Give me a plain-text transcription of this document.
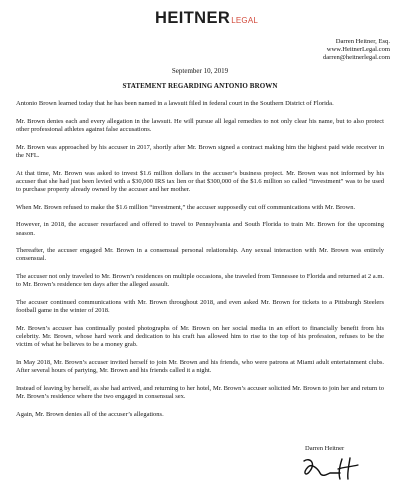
HEITNERLEGAL
Darren Heitner, Esq.
www.HeitnerLegal.com
darren@heitnerlegal.com
September 10, 2019
STATEMENT REGARDING ANTONIO BROWN

Antonio Brown learned today that he has been named in a lawsuit filed in federal court in the Southern District of Florida.

Mr. Brown denies each and every allegation in the lawsuit. He will pursue all legal remedies to not only clear his name, but to also protect other professional athletes against false accusations.

Mr. Brown was approached by his accuser in 2017, shortly after Mr. Brown signed a contract making him the highest paid wide receiver in the NFL.

At that time, Mr. Brown was asked to invest $1.6 million dollars in the accuser’s business project. Mr. Brown was not informed by his accuser that she had just been levied with a $30,000 IRS tax lien or that $300,000 of the $1.6 million so called “investment” was to be used to purchase property already owned by the accuser and her mother.

When Mr. Brown refused to make the $1.6 million “investment,” the accuser supposedly cut off communications with Mr. Brown.

However, in 2018, the accuser resurfaced and offered to travel to Pennsylvania and South Florida to train Mr. Brown for the upcoming season.

Thereafter, the accuser engaged Mr. Brown in a consensual personal relationship. Any sexual interaction with Mr. Brown was entirely consensual.

The accuser not only traveled to Mr. Brown’s residences on multiple occasions, she traveled from Tennessee to Florida and returned at 2 a.m. to Mr. Brown’s residence ten days after the alleged assault.

The accuser continued communications with Mr. Brown throughout 2018, and even asked Mr. Brown for tickets to a Pittsburgh Steelers football game in the winter of 2018.

Mr. Brown’s accuser has continually posted photographs of Mr. Brown on her social media in an effort to financially benefit from his celebrity. Mr. Brown, whose hard work and dedication to his craft has allowed him to rise to the top of his profession, refuses to be the victim of what he believes to be a money grab.

In May 2018, Mr. Brown’s accuser invited herself to join Mr. Brown and his friends, who were patrons at Miami adult entertainment clubs. After several hours of partying, Mr. Brown and his friends called it a night.

Instead of leaving by herself, as she had arrived, and returning to her hotel, Mr. Brown’s accuser solicited Mr. Brown to join her and return to Mr. Brown’s residence where the two engaged in consensual sex.

Again, Mr. Brown denies all of the accuser’s allegations.

Darren Heitner
